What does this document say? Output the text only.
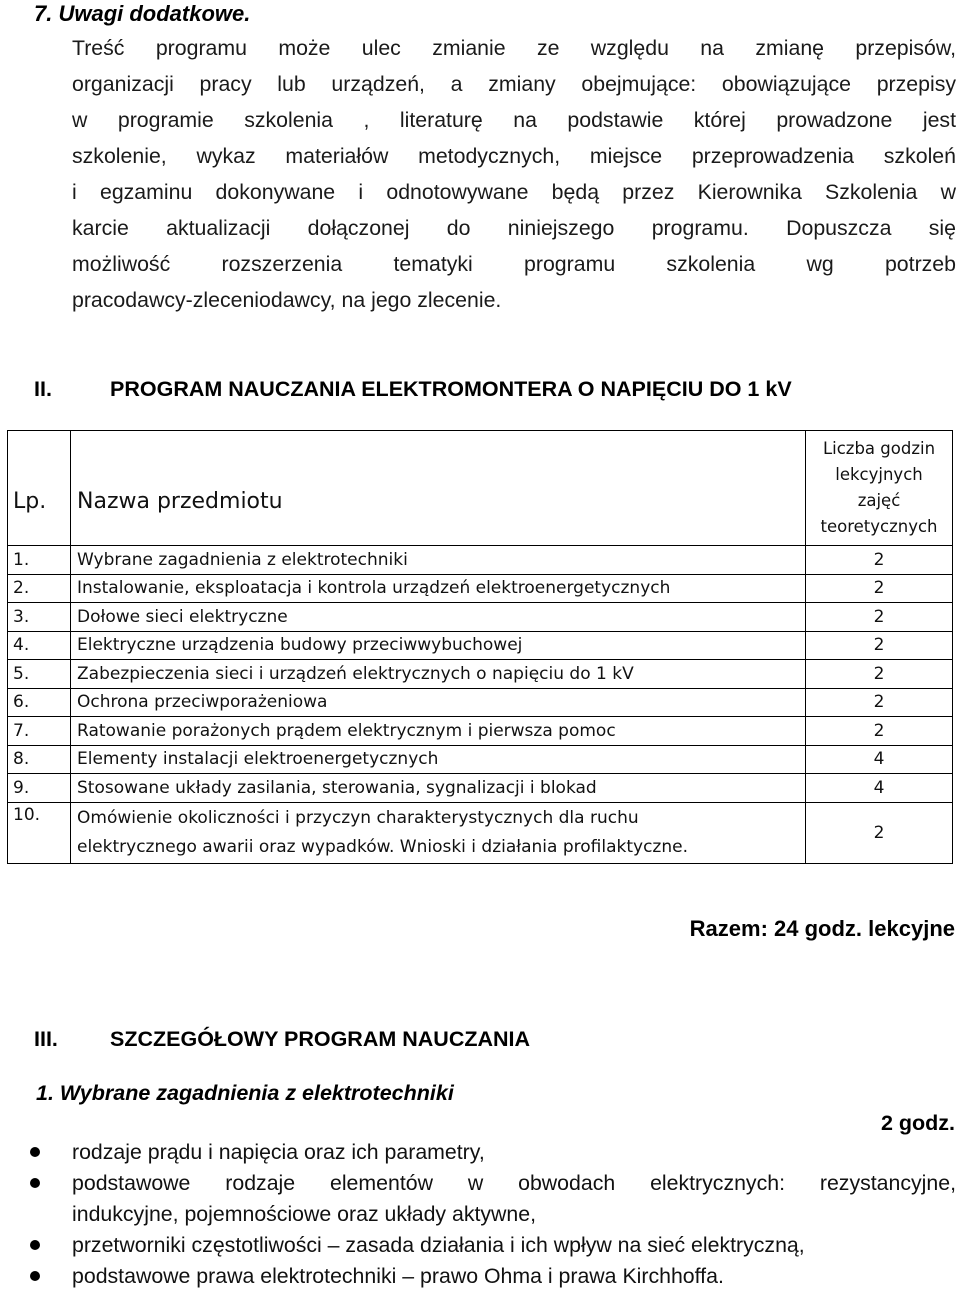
7. Uwagi dodatkowe.
Treść programu może ulec zmianie ze względu na zmianę przepisów,
organizacji pracy lub urządzeń, a zmiany obejmujące: obowiązujące przepisy
w programie szkolenia , literaturę na podstawie której prowadzone jest
szkolenie, wykaz materiałów metodycznych, miejsce przeprowadzenia szkoleń
i egzaminu dokonywane i odnotowywane będą przez Kierownika Szkolenia w
karcie aktualizacji dołączonej do niniejszego programu. Dopuszcza się
możliwość rozszerzenia tematyki programu szkolenia wg potrzeb
pracodawcy-zleceniodawcy, na jego zlecenie.
II.	PROGRAM NAUCZANIA ELEKTROMONTERA O NAPIĘCIU DO 1 kV
Lp.	Nazwa przedmiotu	Liczba godzin
lekcyjnych
zajęć
teoretycznych

1.	Wybrane zagadnienia z elektrotechniki	2
2.	Instalowanie, eksploatacja i kontrola urządzeń elektroenergetycznych	2
3.	Dołowe sieci elektryczne	2
4.	Elektryczne urządzenia budowy przeciwwybuchowej	2
5.	Zabezpieczenia sieci i urządzeń elektrycznych o napięciu do 1 kV	2
6.	Ochrona przeciwporażeniowa	2
7.	Ratowanie porażonych prądem elektrycznym i pierwsza pomoc	2
8.	Elementy instalacji elektroenergetycznych	4
9.	Stosowane układy zasilania, sterowania, sygnalizacji i blokad	4
10.	Omówienie okoliczności i przyczyn charakterystycznych dla ruchu
elektrycznego awarii oraz wypadków. Wnioski i działania profilaktyczne.	2
Razem: 24 godz. lekcyjne
III. SZCZEGÓŁOWY PROGRAM NAUCZANIA
1. Wybrane zagadnienia z elektrotechniki
2 godz.
rodzaje prądu i napięcia oraz ich parametry,
podstawowe rodzaje elementów w obwodach elektrycznych: rezystancyjne,
indukcyjne, pojemnościowe oraz układy aktywne,
przetworniki częstotliwości – zasada działania i ich wpływ na sieć elektryczną,
podstawowe prawa elektrotechniki – prawo Ohma i prawa Kirchhoffa.
